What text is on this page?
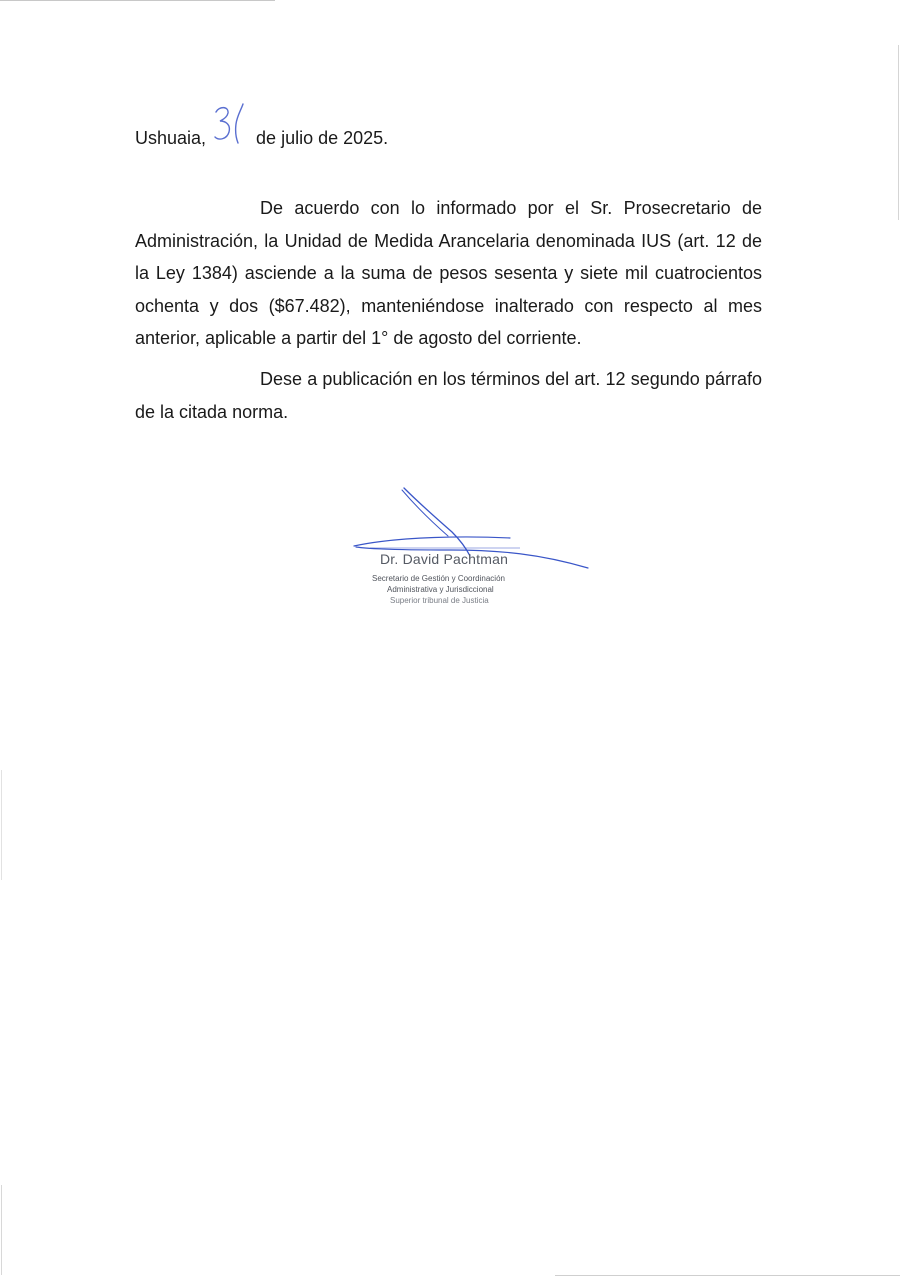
Ushuaia,	de julio de 2025.

De acuerdo con lo informado por el Sr. Prosecretario de Administración, la Unidad de Medida Arancelaria denominada IUS (art. 12 de la Ley 1384) asciende a la suma de pesos sesenta y siete mil cuatrocientos ochenta y dos ($67.482), manteniéndose inalterado con respecto al mes anterior, aplicable a partir del 1° de agosto del corriente.

Dese a publicación en los términos del art. 12 segundo párrafo de la citada norma.

Dr. David Pachtman
Secretario de Gestión y Coordinación
Administrativa y Jurisdiccional
Superior tribunal de Justicia
